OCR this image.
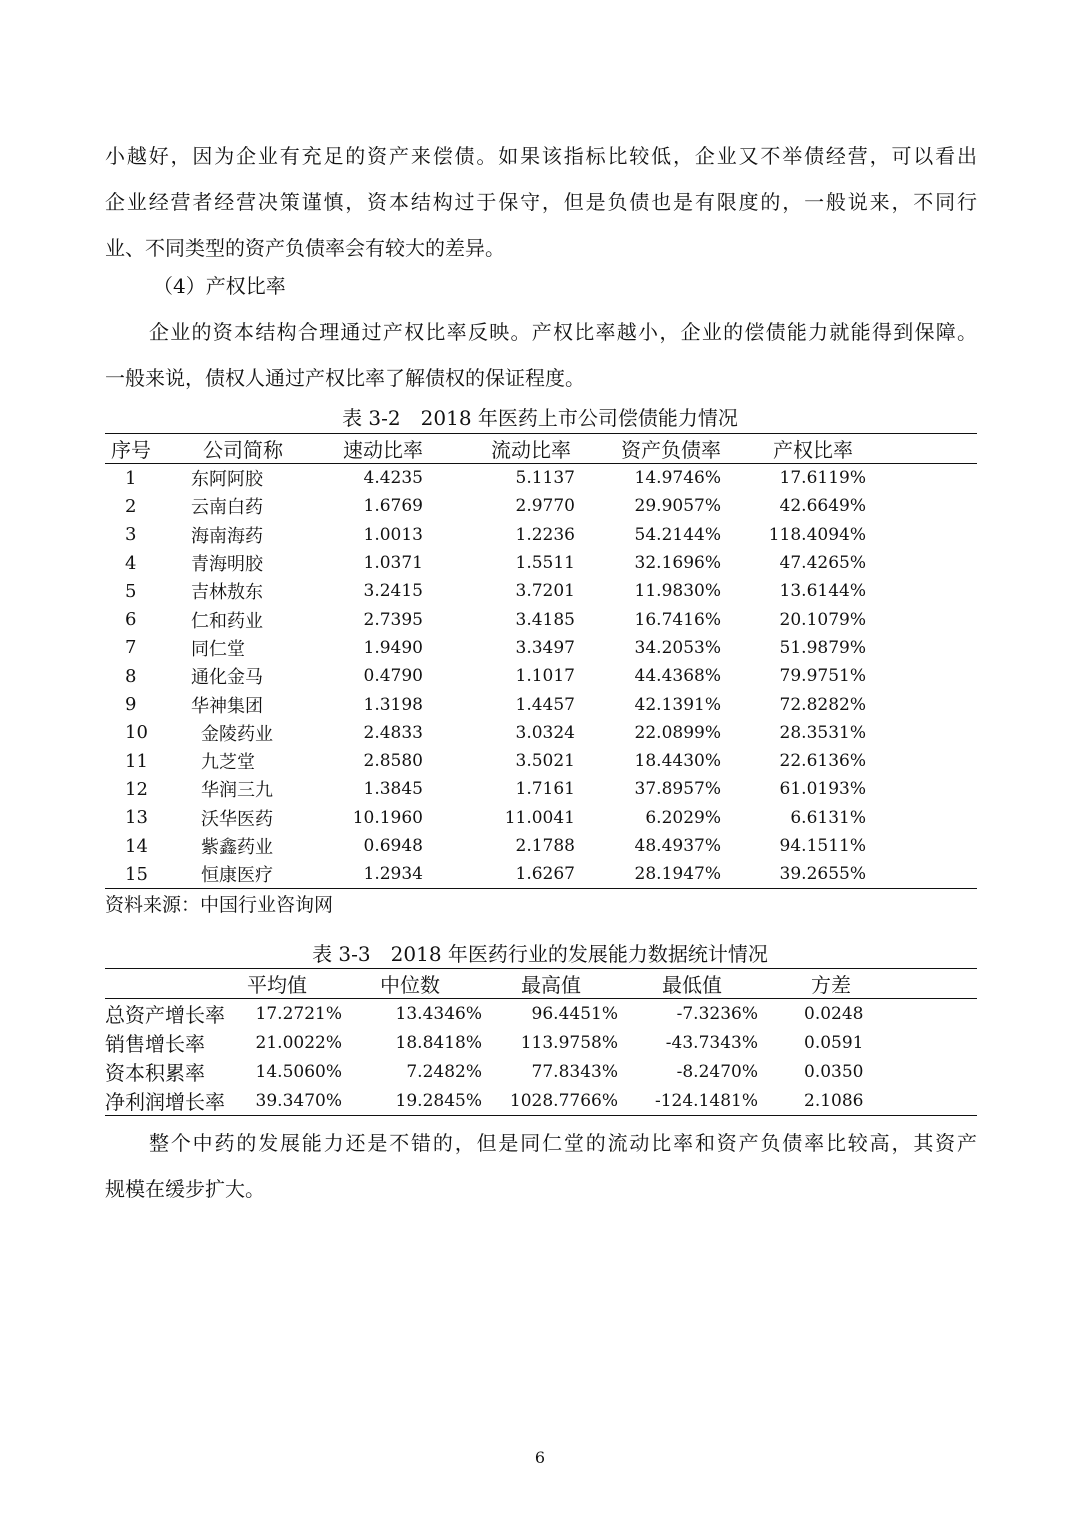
小越好，因为企业有充足的资产来偿债。如果该指标比较低，企业又不举债经营，可以看出
企业经营者经营决策谨慎，资本结构过于保守，但是负债也是有限度的，一般说来，不同行
业、不同类型的资产负债率会有较大的差异。
（4）产权比率
企业的资本结构合理通过产权比率反映。产权比率越小，企业的偿债能力就能得到保障。
一般来说，债权人通过产权比率了解债权的保证程度。
表 3-2　2018 年医药上市公司偿债能力情况
序号	公司简称	速动比率	流动比率	资产负债率	产权比率	
1	东阿阿胶	4.4235	5.1137	14.9746%	17.6119%	
2	云南白药	1.6769	2.9770	29.9057%	42.6649%	
3	海南海药	1.0013	1.2236	54.2144%	118.4094%	
4	青海明胶	1.0371	1.5511	32.1696%	47.4265%	
5	吉林敖东	3.2415	3.7201	11.9830%	13.6144%	
6	仁和药业	2.7395	3.4185	16.7416%	20.1079%	
7	同仁堂	1.9490	3.3497	34.2053%	51.9879%	
8	通化金马	0.4790	1.1017	44.4368%	79.9751%	
9	华神集团	1.3198	1.4457	42.1391%	72.8282%	
10	金陵药业	2.4833	3.0324	22.0899%	28.3531%	
11	九芝堂	2.8580	3.5021	18.4430%	22.6136%	
12	华润三九	1.3845	1.7161	37.8957%	61.0193%	
13	沃华医药	10.1960	11.0041	6.2029%	6.6131%	
14	紫鑫药业	0.6948	2.1788	48.4937%	94.1511%	
15	恒康医疗	1.2934	1.6267	28.1947%	39.2655%	
资料来源：中国行业咨询网
表 3-3　2018 年医药行业的发展能力数据统计情况
	平均值	中位数	最高值	最低值	方差	
总资产增长率	17.2721%	13.4346%	96.4451%	-7.3236%	0.0248	
销售增长率	21.0022%	18.8418%	113.9758%	-43.7343%	0.0591	
资本积累率	14.5060%	7.2482%	77.8343%	-8.2470%	0.0350	
净利润增长率	39.3470%	19.2845%	1028.7766%	-124.1481%	2.1086	
整个中药的发展能力还是不错的，但是同仁堂的流动比率和资产负债率比较高，其资产
规模在缓步扩大。
6
